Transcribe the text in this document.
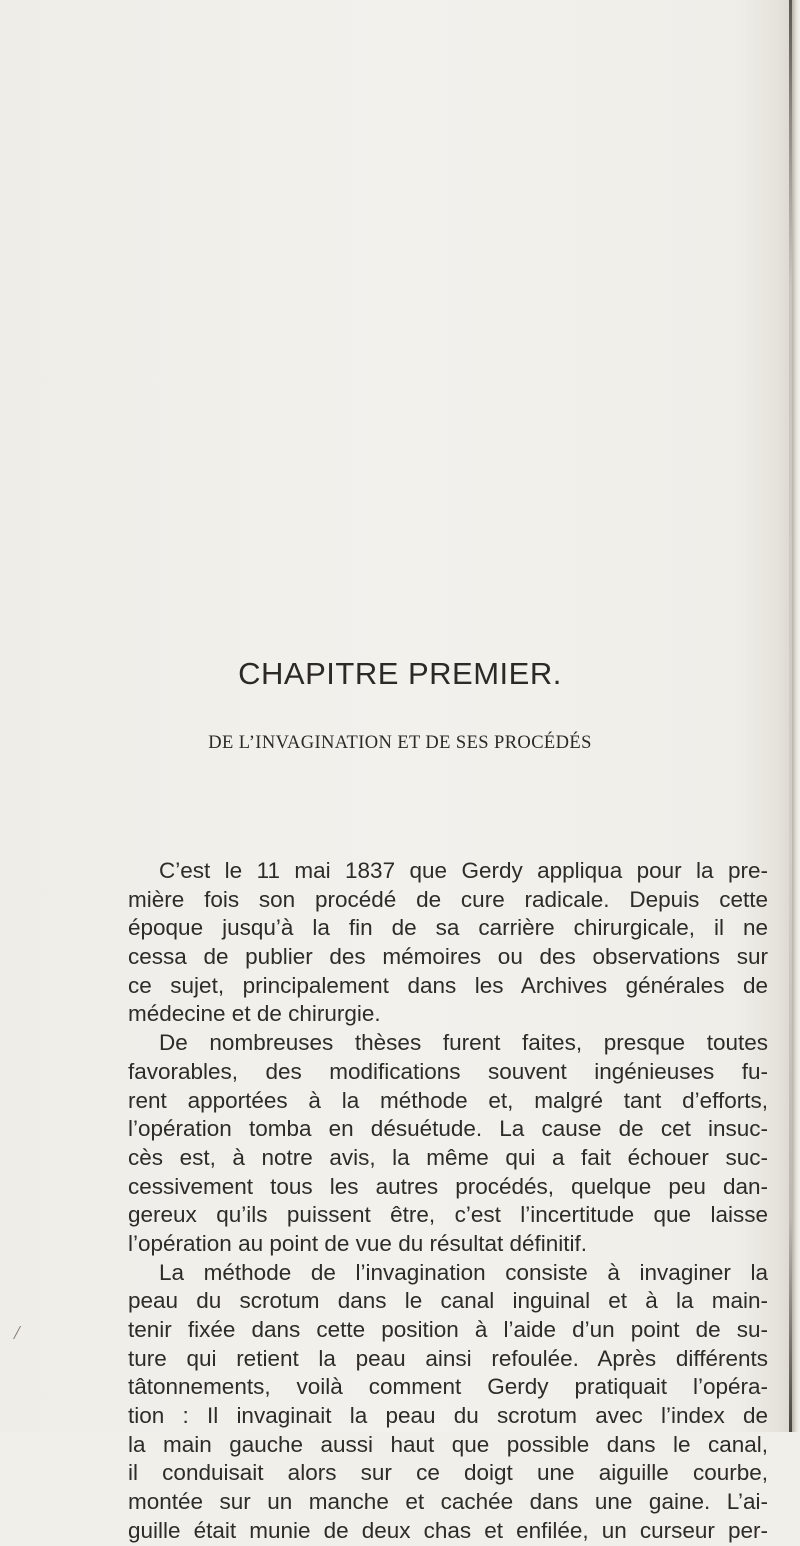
/
CHAPITRE PREMIER.
DE L’INVAGINATION ET DE SES PROCÉDÉS
C’est le 11 mai 1837 que Gerdy appliqua pour la pre-
mière fois son procédé de cure radicale. Depuis cette
époque jusqu’à la fin de sa carrière chirurgicale, il ne
cessa de publier des mémoires ou des observations sur
ce sujet, principalement dans les Archives générales de
médecine et de chirurgie.
De nombreuses thèses furent faites, presque toutes
favorables, des modifications souvent ingénieuses fu-
rent apportées à la méthode et, malgré tant d’efforts,
l’opération tomba en désuétude. La cause de cet insuc-
cès est, à notre avis, la même qui a fait échouer suc-
cessivement tous les autres procédés, quelque peu dan-
gereux qu’ils puissent être, c’est l’incertitude que laisse
l’opération au point de vue du résultat définitif.
La méthode de l’invagination consiste à invaginer la
peau du scrotum dans le canal inguinal et à la main-
tenir fixée dans cette position à l’aide d’un point de su-
ture qui retient la peau ainsi refoulée. Après différents
tâtonnements, voilà comment Gerdy pratiquait l’opéra-
tion : Il invaginait la peau du scrotum avec l’index de
la main gauche aussi haut que possible dans le canal,
il conduisait alors sur ce doigt une aiguille courbe,
montée sur un manche et cachée dans une gaine. L’ai-
guille était munie de deux chas et enfilée, un curseur per-
